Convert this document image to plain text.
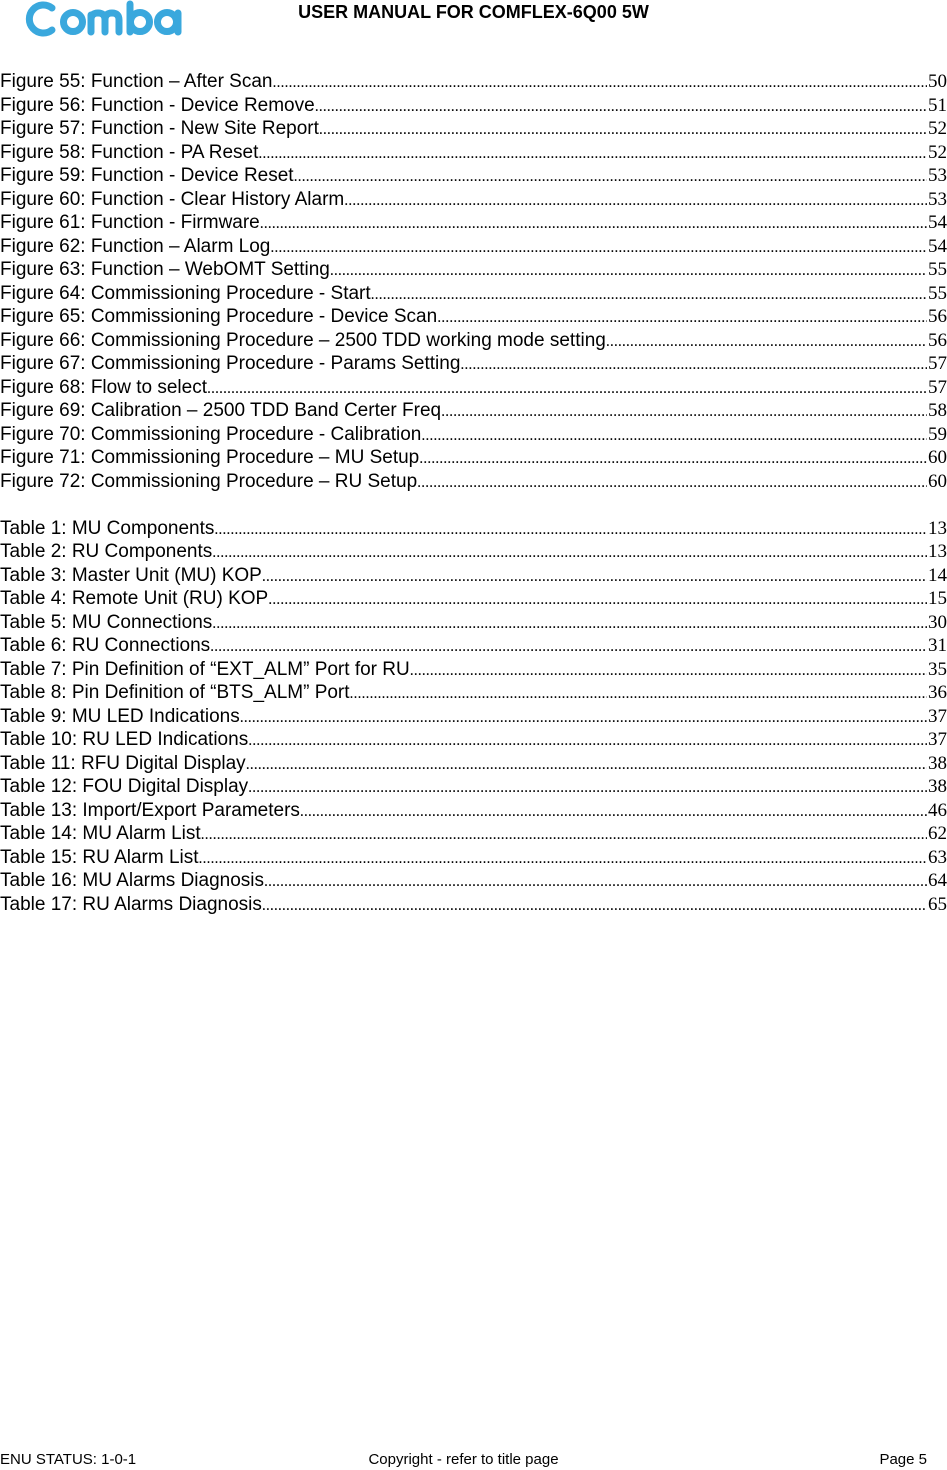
Comba
USER MANUAL FOR COMFLEX-6Q00 5W
Figure 55: Function – After Scan .....	50
Figure 56: Function - Device Remove .....	51
Figure 57: Function - New Site Report .....	52
Figure 58: Function - PA Reset .....	52
Figure 59: Function - Device Reset .....	53
Figure 60: Function - Clear History Alarm .....	53
Figure 61: Function - Firmware .....	54
Figure 62: Function – Alarm Log .....	54
Figure 63: Function – WebOMT Setting .....	55
Figure 64: Commissioning Procedure - Start .....	55
Figure 65: Commissioning Procedure - Device Scan .....	56
Figure 66: Commissioning Procedure – 2500 TDD working mode setting .....	56
Figure 67: Commissioning Procedure - Params Setting .....	57
Figure 68: Flow to select .....	57
Figure 69: Calibration – 2500 TDD Band Certer Freq .....	58
Figure 70: Commissioning Procedure - Calibration .....	59
Figure 71: Commissioning Procedure – MU Setup .....	60
Figure 72: Commissioning Procedure – RU Setup .....	60
Table 1: MU Components .....	13
Table 2: RU Components .....	13
Table 3: Master Unit (MU) KOP .....	14
Table 4: Remote Unit (RU) KOP .....	15
Table 5: MU Connections .....	30
Table 6: RU Connections .....	31
Table 7: Pin Definition of “EXT_ALM” Port for RU .....	35
Table 8: Pin Definition of “BTS_ALM” Port .....	36
Table 9: MU LED Indications .....	37
Table 10: RU LED Indications .....	37
Table 11: RFU Digital Display .....	38
Table 12: FOU Digital Display .....	38
Table 13: Import/Export Parameters .....	46
Table 14: MU Alarm List .....	62
Table 15: RU Alarm List .....	63
Table 16: MU Alarms Diagnosis .....	64
Table 17: RU Alarms Diagnosis .....	65
ENU STATUS: 1-0-1	Copyright - refer to title page	Page 5
